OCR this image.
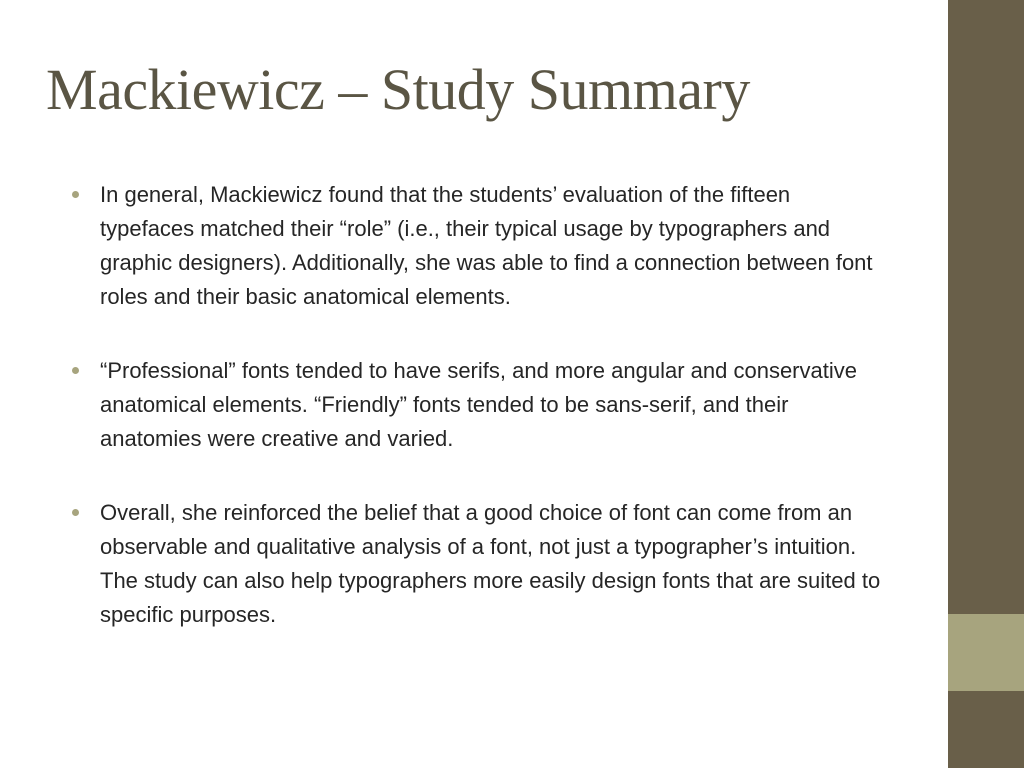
Mackiewicz – Study Summary
In general, Mackiewicz found that the students’ evaluation of the fifteen typefaces matched their “role” (i.e., their typical usage by typographers and graphic designers). Additionally, she was able to find a connection between font roles and their basic anatomical elements.
“Professional” fonts tended to have serifs, and more angular and conservative anatomical elements. “Friendly” fonts tended to be sans-serif, and their anatomies were creative and varied.
Overall, she reinforced the belief that a good choice of font can come from an observable and qualitative analysis of a font, not just a typographer’s intuition. The study can also help typographers more easily design fonts that are suited to specific purposes.
